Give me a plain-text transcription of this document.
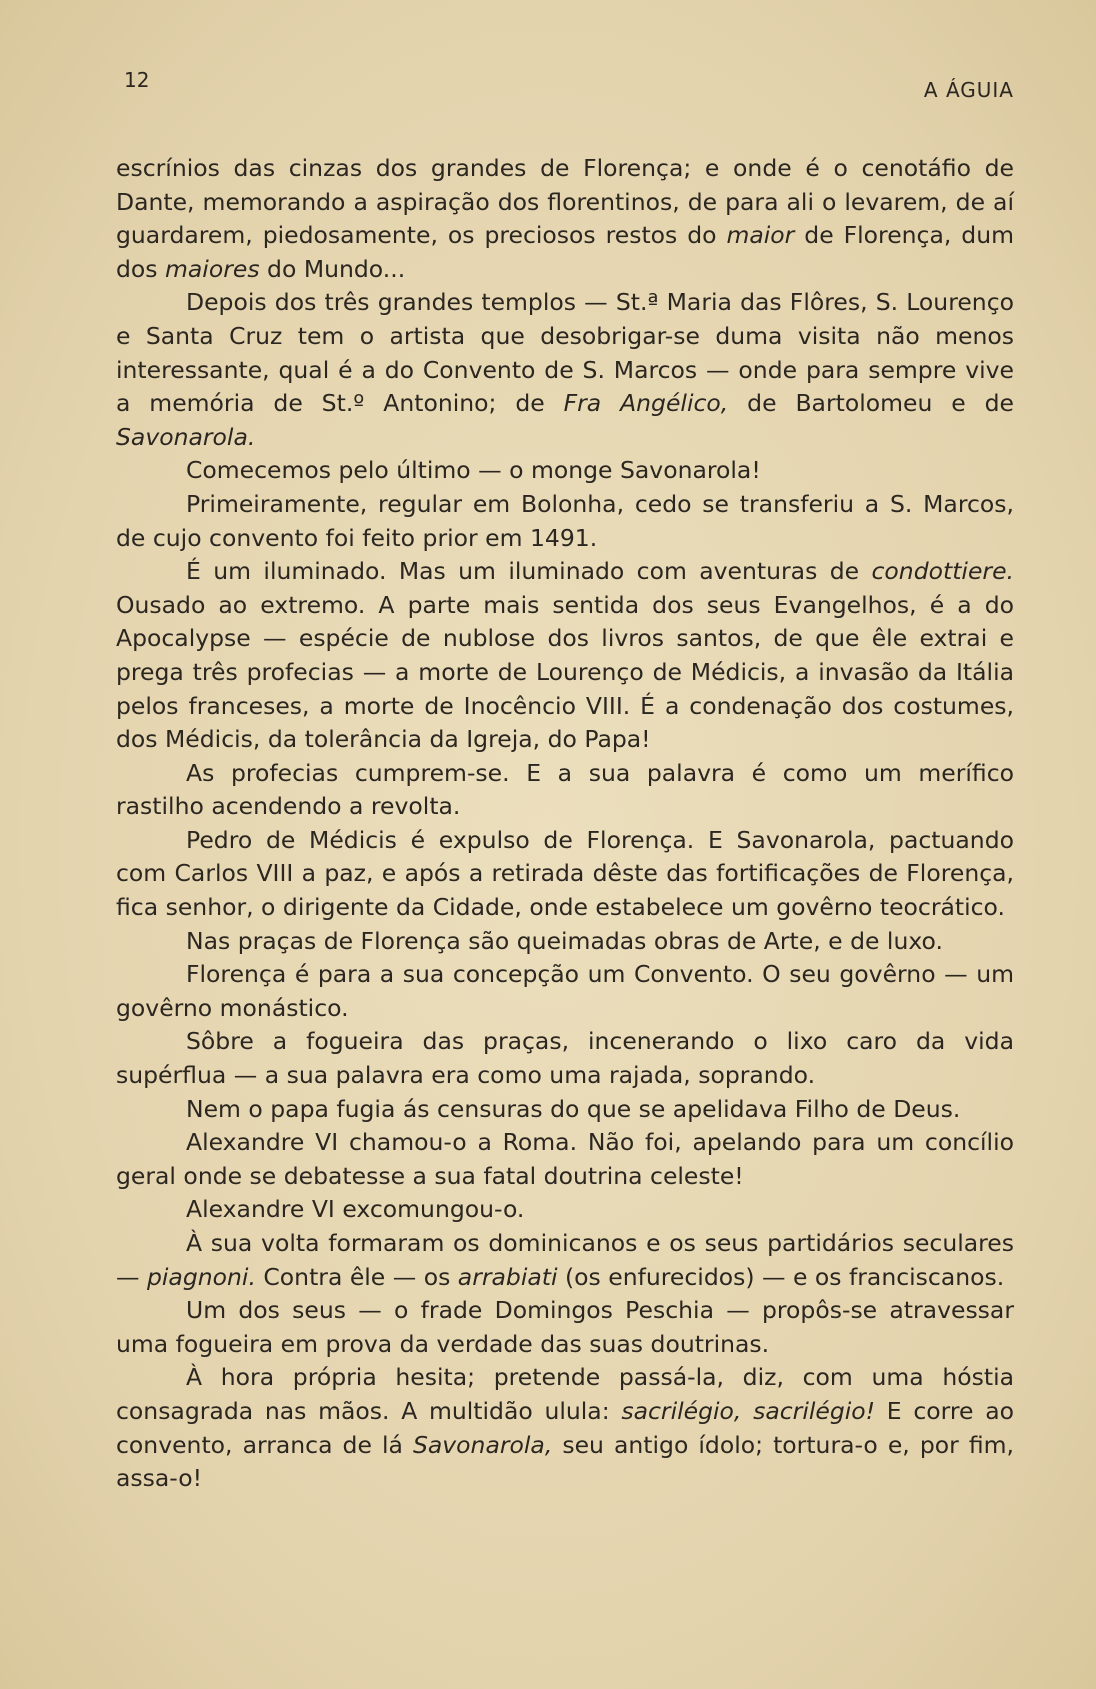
12	A ÁGUIA

escrínios das cinzas dos grandes de Florença; e onde é o cenotáfio de Dante, memorando a aspiração dos florentinos, de para ali o levarem, de aí guardarem, piedosamente, os preciosos restos do maior de Florença, dum dos maiores do Mundo...

Depois dos três grandes templos — St.ª Maria das Flôres, S. Lourenço e Santa Cruz tem o artista que desobrigar-se duma visita não menos interessante, qual é a do Convento de S. Marcos — onde para sempre vive a memória de St.º Antonino; de Fra Angélico, de Bartolomeu e de Savonarola.

Comecemos pelo último — o monge Savonarola!

Primeiramente, regular em Bolonha, cedo se transferiu a S. Marcos, de cujo convento foi feito prior em 1491.

É um iluminado. Mas um iluminado com aventuras de condottiere. Ousado ao extremo. A parte mais sentida dos seus Evangelhos, é a do Apocalypse — espécie de nublose dos livros santos, de que êle extrai e prega três profecias — a morte de Lourenço de Médicis, a invasão da Itália pelos franceses, a morte de Inocêncio VIII. É a condenação dos costumes, dos Médicis, da tolerância da Igreja, do Papa!

As profecias cumprem-se. E a sua palavra é como um merífico rastilho acendendo a revolta.

Pedro de Médicis é expulso de Florença. E Savonarola, pactuando com Carlos VIII a paz, e após a retirada dêste das fortificações de Florença, fica senhor, o dirigente da Cidade, onde estabelece um govêrno teocrático.

Nas praças de Florença são queimadas obras de Arte, e de luxo.

Florença é para a sua concepção um Convento. O seu govêrno — um govêrno monástico.

Sôbre a fogueira das praças, incenerando o lixo caro da vida supérflua — a sua palavra era como uma rajada, soprando.

Nem o papa fugia ás censuras do que se apelidava Filho de Deus.

Alexandre VI chamou-o a Roma. Não foi, apelando para um concílio geral onde se debatesse a sua fatal doutrina celeste!

Alexandre VI excomungou-o.

À sua volta formaram os dominicanos e os seus partidários seculares — piagnoni. Contra êle — os arrabiati (os enfurecidos) — e os franciscanos.

Um dos seus — o frade Domingos Peschia — propôs-se atravessar uma fogueira em prova da verdade das suas doutrinas.

À hora própria hesita; pretende passá-la, diz, com uma hóstia consagrada nas mãos. A multidão ulula: sacrilégio, sacrilégio! E corre ao convento, arranca de lá Savonarola, seu antigo ídolo; tortura-o e, por fim, assa-o!
